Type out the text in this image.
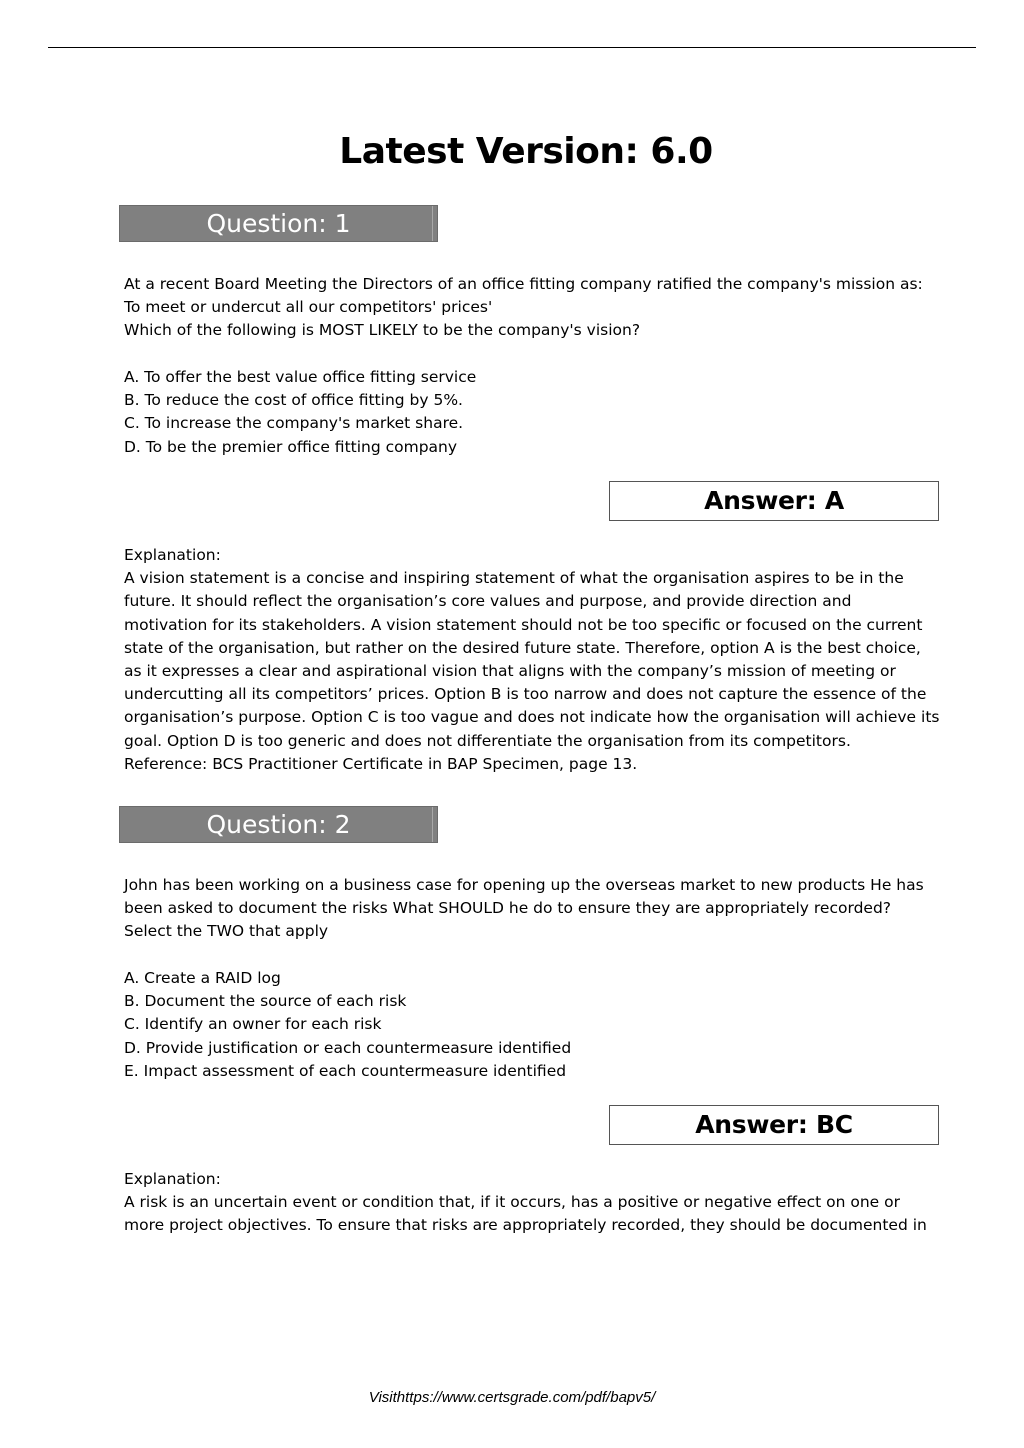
Latest Version: 6.0
Question: 1

At a recent Board Meeting the Directors of an office fitting company ratified the company's mission as:

To meet or undercut all our competitors' prices'

Which of the following is MOST LIKELY to be the company's vision?

A. To offer the best value office fitting service

B. To reduce the cost of office fitting by 5%.

C. To increase the company's market share.

D. To be the premier office fitting company

Answer: A

Explanation:

A vision statement is a concise and inspiring statement of what the organisation aspires to be in the

future. It should reflect the organisation’s core values and purpose, and provide direction and

motivation for its stakeholders. A vision statement should not be too specific or focused on the current

state of the organisation, but rather on the desired future state. Therefore, option A is the best choice,

as it expresses a clear and aspirational vision that aligns with the company’s mission of meeting or

undercutting all its competitors’ prices. Option B is too narrow and does not capture the essence of the

organisation’s purpose. Option C is too vague and does not indicate how the organisation will achieve its

goal. Option D is too generic and does not differentiate the organisation from its competitors.

Reference: BCS Practitioner Certificate in BAP Specimen, page 13.

Question: 2

John has been working on a business case for opening up the overseas market to new products He has

been asked to document the risks What SHOULD he do to ensure they are appropriately recorded?

Select the TWO that apply

A. Create a RAID log

B. Document the source of each risk

C. Identify an owner for each risk

D. Provide justification or each countermeasure identified

E. Impact assessment of each countermeasure identified

Answer: BC

Explanation:

A risk is an uncertain event or condition that, if it occurs, has a positive or negative effect on one or

more project objectives. To ensure that risks are appropriately recorded, they should be documented in

Visithttps://www.certsgrade.com/pdf/bapv5/
